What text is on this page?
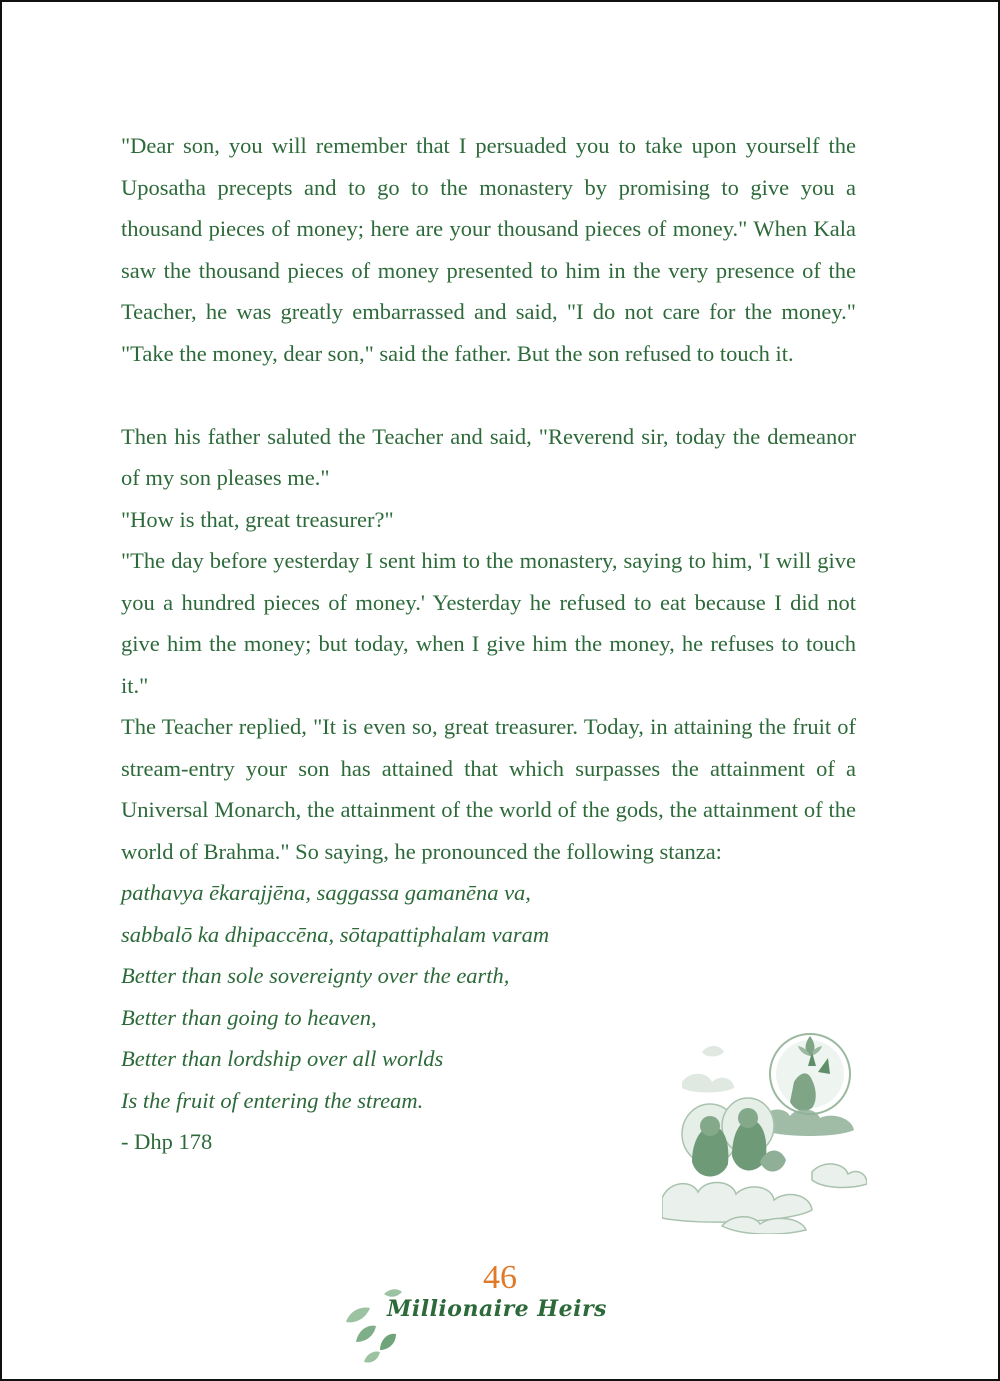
"Dear son, you will remember that I persuaded you to take upon yourself the Uposatha precepts and to go to the monastery by promising to give you a thousand pieces of money; here are your thousand pieces of money." When Kala saw the thousand pieces of money presented to him in the very presence of the Teacher, he was greatly embarrassed and said, "I do not care for the money." "Take the money, dear son," said the father. But the son refused to touch it.

Then his father saluted the Teacher and said, "Reverend sir, today the demeanor of my son pleases me."

"How is that, great treasurer?"

"The day before yesterday I sent him to the monastery, saying to him, 'I will give you a hundred pieces of money.' Yesterday he refused to eat because I did not give him the money; but today, when I give him the money, he refuses to touch it."

The Teacher replied, "It is even so, great treasurer. Today, in attaining the fruit of stream-entry your son has attained that which surpasses the attainment of a Universal Monarch, the attainment of the world of the gods, the attainment of the world of Brahma." So saying, he pronounced the following stanza:

pathavya ēkarajjēna, saggassa gamanēna va,

sabbalō ka dhipaccēna, sōtapattiphalam varam

Better than sole sovereignty over the earth,

Better than going to heaven,

Better than lordship over all worlds

Is the fruit of entering the stream.

- Dhp 178

46
Millionaire Heirs
